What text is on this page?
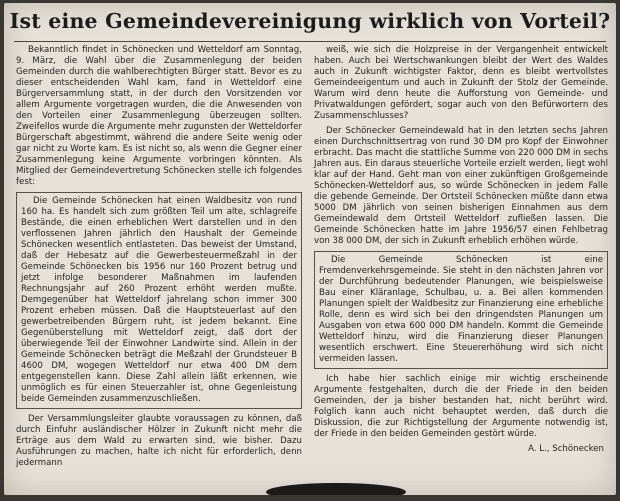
Ist eine Gemeindevereinigung wirklich von Vorteil?

Bekanntlich findet in Schönecken und Wetteldorf am Sonntag, 9. März, die Wahl über die Zusammenlegung der beiden Gemeinden durch die wahlberechtigten Bürger statt. Bevor es zu dieser entscheidenden Wahl kam, fand in Wetteldorf eine Bürgerversammlung statt, in der durch den Vorsitzenden vor allem Argumente vorgetragen wurden, die die Anwesenden von den Vorteilen einer Zusammenlegung überzeugen sollten. Zweifellos wurde die Argumente mehr zugunsten der Wetteldorfer Bürgerschaft abgestimmt, während die andere Seite wenig oder gar nicht zu Worte kam. Es ist nicht so, als wenn die Gegner einer Zusammenlegung keine Argumente vorbringen könnten. Als Mitglied der Gemeindevertretung Schönecken stelle ich folgendes fest:

Die Gemeinde Schönecken hat einen Waldbesitz von rund 160 ha. Es handelt sich zum größten Teil um alte, schlagreife Bestände, die einen erheblichen Wert darstellen und in den verflossenen Jahren jährlich den Haushalt der Gemeinde Schönecken wesentlich entlasteten. Das beweist der Umstand, daß der Hebesatz auf die Gewerbesteuermeßzahl in der Gemeinde Schönecken bis 1956 nur 160 Prozent betrug und jetzt infolge besonderer Maßnahmen im laufenden Rechnungsjahr auf 260 Prozent erhöht werden mußte. Demgegenüber hat Wetteldorf jahrelang schon immer 300 Prozent erheben müssen. Daß die Hauptsteuerlast auf den gewerbetreibenden Bürgern ruht, ist jedem bekannt. Eine Gegenüberstellung mit Wetteldorf zeigt, daß dort der überwiegende Teil der Einwohner Landwirte sind. Allein in der Gemeinde Schönecken beträgt die Meßzahl der Grundsteuer B 4600 DM, wogegen Wetteldorf nur etwa 400 DM dem entgegenstellen kann. Diese Zahl allein läßt erkennen, wie unmöglich es für einen Steuerzahler ist, ohne Gegenleistung beide Gemeinden zusammenzuschließen.

Der Versammlungsleiter glaubte voraussagen zu können, daß durch Einfuhr ausländischer Hölzer in Zukunft nicht mehr die Erträge aus dem Wald zu erwarten sind, wie bisher. Dazu Ausführungen zu machen, halte ich nicht für erforderlich, denn jedermann

weiß, wie sich die Holzpreise in der Vergangenheit entwickelt haben. Auch bei Wertschwankungen bleibt der Wert des Waldes auch in Zukunft wichtigster Faktor, denn es bleibt wertvollstes Gemeindeeigentum und auch in Zukunft der Stolz der Gemeinde. Warum wird denn heute die Aufforstung von Gemeinde- und Privatwaldungen gefördert, sogar auch von den Befürwortern des Zusammenschlusses?

Der Schönecker Gemeindewald hat in den letzten sechs Jahren einen Durchschnittsertrag von rund 30 DM pro Kopf der Einwohner erbracht. Das macht die stattliche Summe von 220 000 DM in sechs Jahren aus. Ein daraus steuerliche Vorteile erzielt werden, liegt wohl klar auf der Hand. Geht man von einer zukünftigen Großgemeinde Schönecken-Wetteldorf aus, so würde Schönecken in jedem Falle die gebende Gemeinde. Der Ortsteil Schönecken müßte dann etwa 5000 DM jährlich von seinen bisherigen Einnahmen aus dem Gemeindewald dem Ortsteil Wetteldorf zufließen lassen. Die Gemeinde Schönecken hatte im Jahre 1956/57 einen Fehlbetrag von 38 000 DM, der sich in Zukunft erheblich erhöhen würde.

Die Gemeinde Schönecken ist eine Fremdenverkehrsgemeinde. Sie steht in den nächsten Jahren vor der Durchführung bedeutender Planungen, wie beispielsweise Bau einer Kläranlage, Schulbau, u. a. Bei allen kommenden Planungen spielt der Waldbesitz zur Finanzierung eine erhebliche Rolle, denn es wird sich bei den dringendsten Planungen um Ausgaben von etwa 600 000 DM handeln. Kommt die Gemeinde Wetteldorf hinzu, wird die Finanzierung dieser Planungen wesentlich erschwert. Eine Steuererhöhung wird sich nicht vermeiden lassen.

Ich habe hier sachlich einige mir wichtig erscheinende Argumente festgehalten, durch die der Friede in den beiden Gemeinden, der ja bisher bestanden hat, nicht berührt wird. Folglich kann auch nicht behauptet werden, daß durch die Diskussion, die zur Richtigstellung der Argumente notwendig ist, der Friede in den beiden Gemeinden gestört würde.

A. L., Schönecken
